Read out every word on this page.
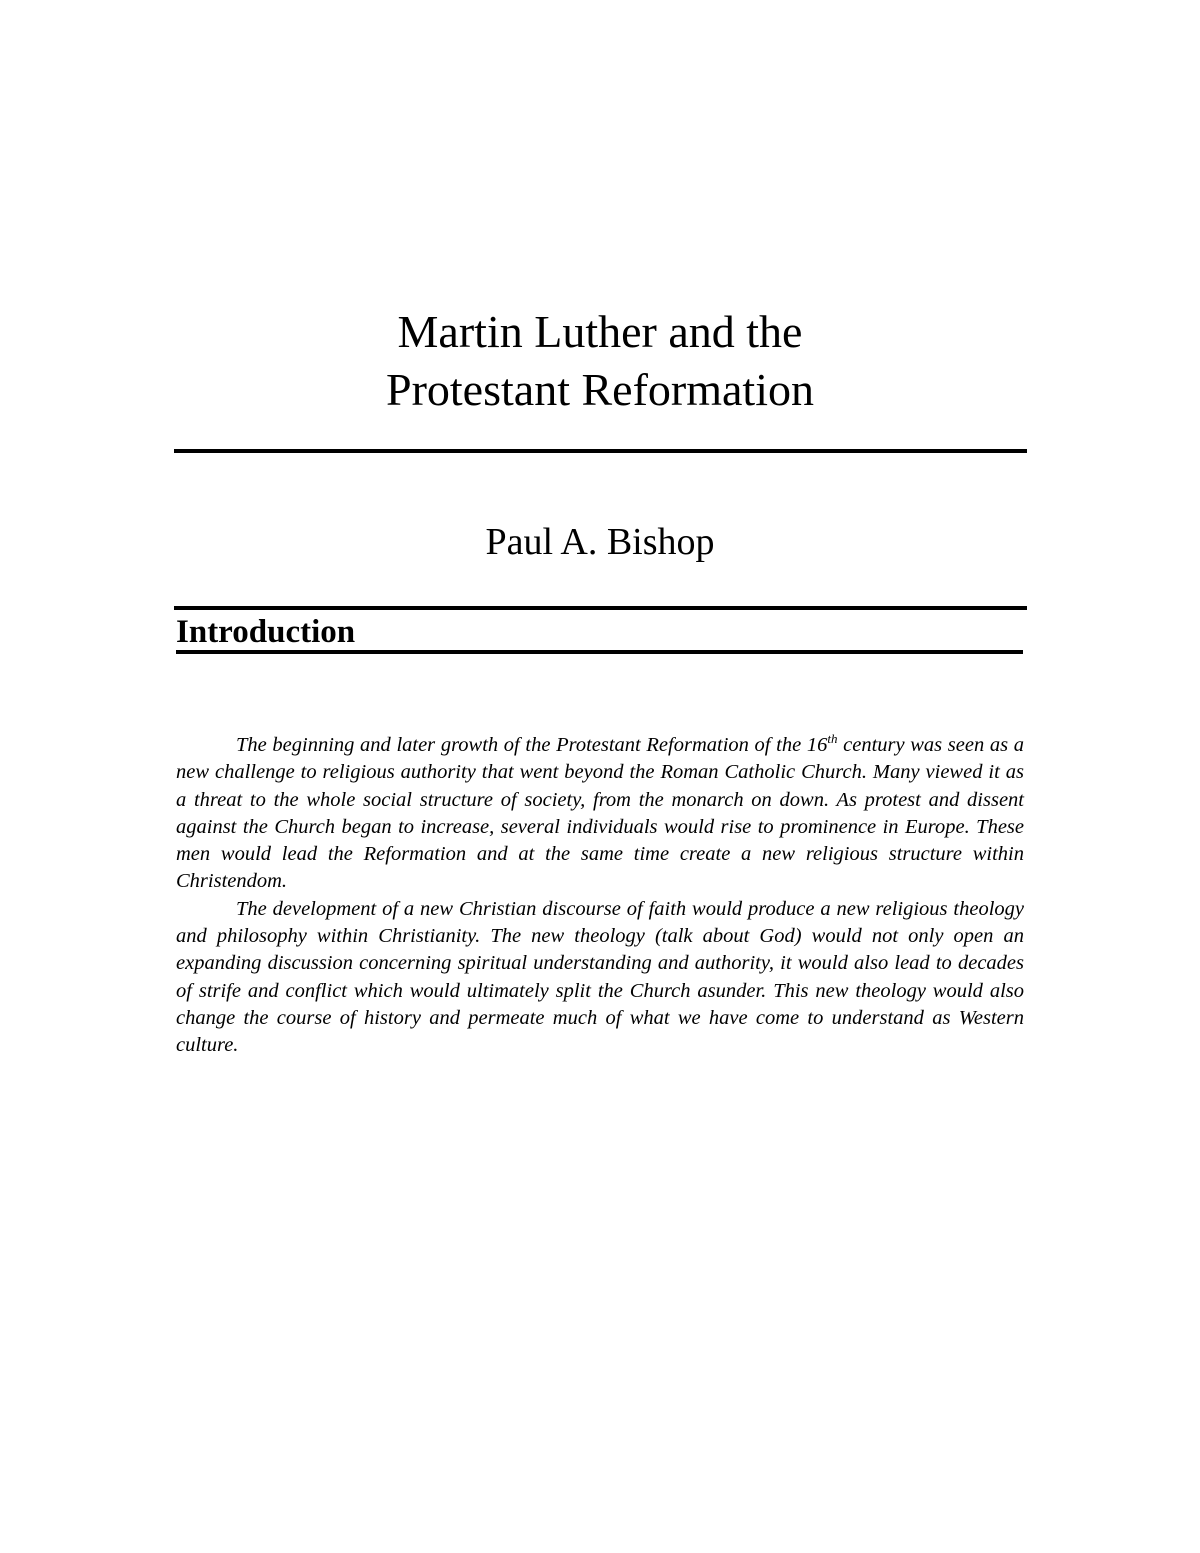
Martin Luther and the
Protestant Reformation
Paul A. Bishop
Introduction

The beginning and later growth of the Protestant Reformation of the 16th century was seen as a new challenge to religious authority that went beyond the Roman Catholic Church. Many viewed it as a threat to the whole social structure of society, from the monarch on down. As protest and dissent against the Church began to increase, several individuals would rise to prominence in Europe. These men would lead the Reformation and at the same time create a new religious structure within Christendom.

The development of a new Christian discourse of faith would produce a new religious theology and philosophy within Christianity. The new theology (talk about God) would not only open an expanding discussion concerning spiritual understanding and authority, it would also lead to decades of strife and conflict which would ultimately split the Church asunder. This new theology would also change the course of history and permeate much of what we have come to understand as Western culture.
